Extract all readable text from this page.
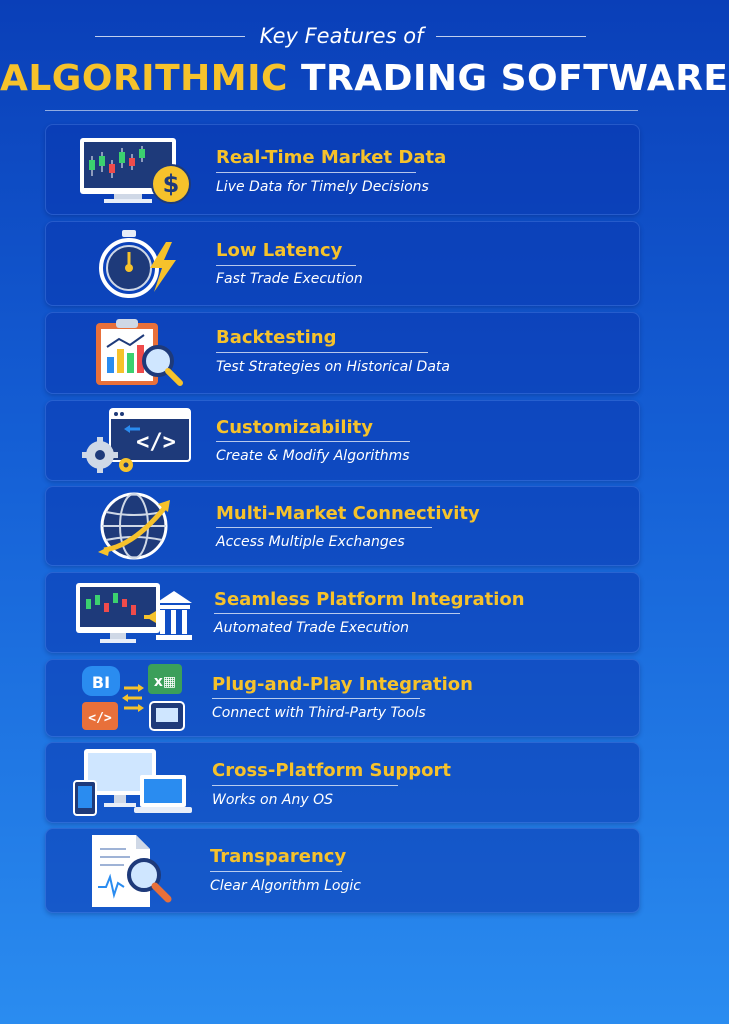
Key Features of
ALGORITHMIC TRADING SOFTWARE
$
Real-Time Market Data
Live Data for Timely Decisions
Low Latency
Fast Trade Execution
Backtesting
Test Strategies on Historical Data
</>
Customizability
Create & Modify Algorithms
Multi-Market Connectivity
Access Multiple Exchanges
Seamless Platform Integration
Automated Trade Execution
BI	x▦
</>
Plug-and-Play Integration
Connect with Third-Party Tools
Cross-Platform Support
Works on Any OS
Transparency
Clear Algorithm Logic
